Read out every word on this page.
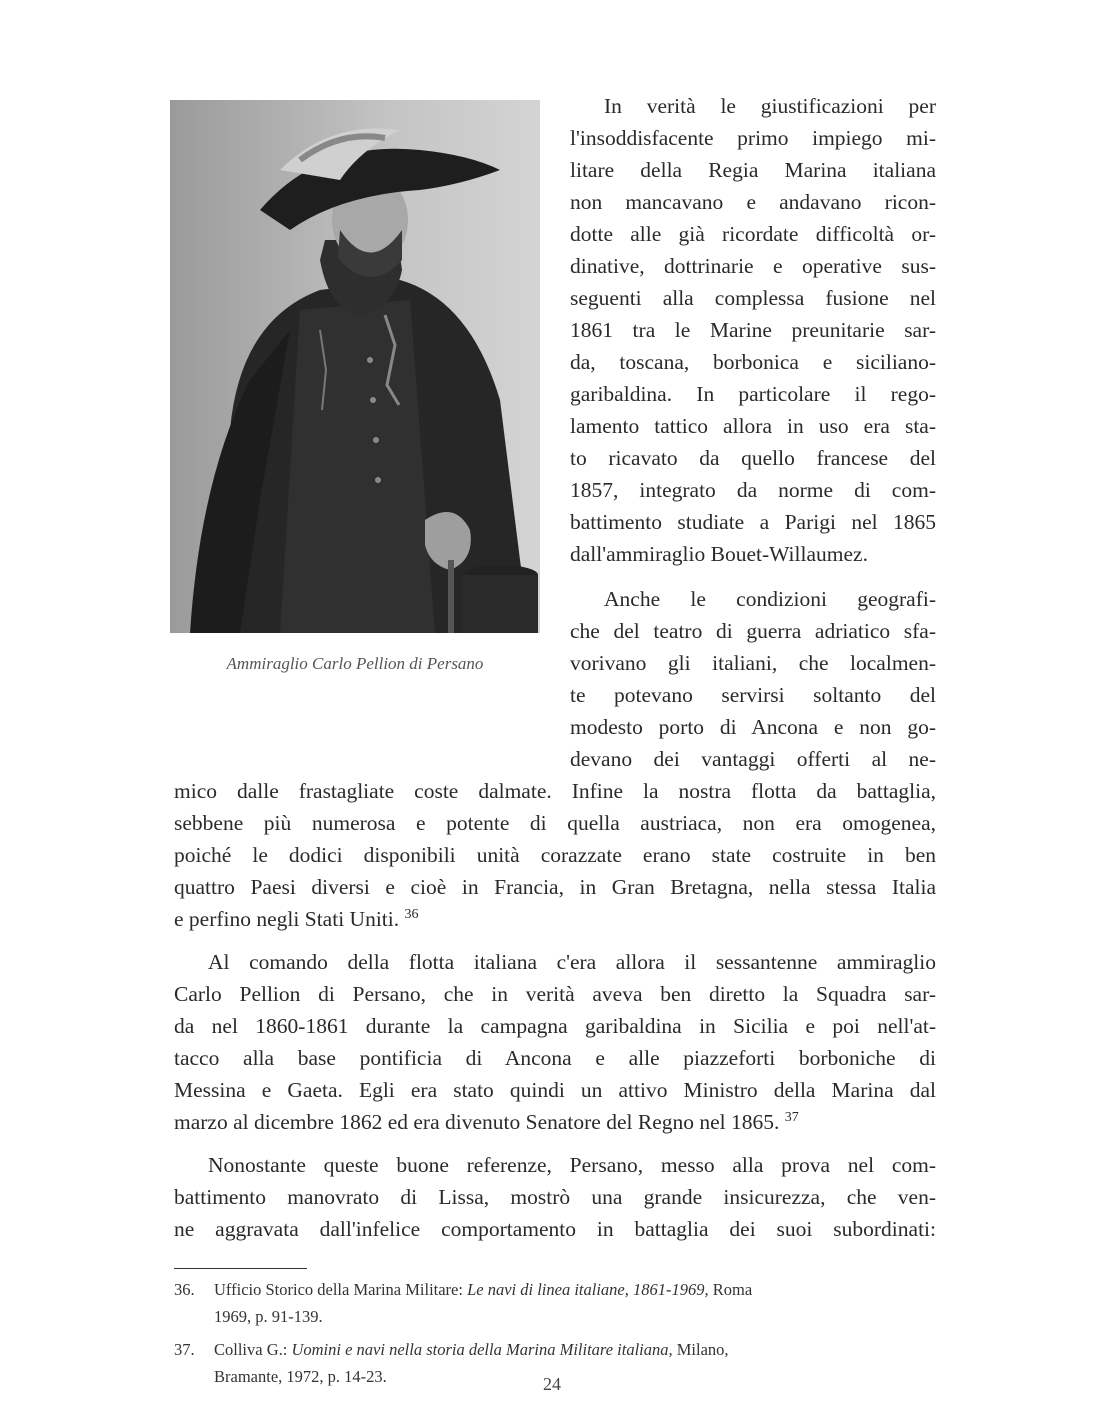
Ammiraglio Carlo Pellion di Persano
In verità le giustificazioni per
l'insoddisfacente primo impiego mi-
litare della Regia Marina italiana
non mancavano e andavano ricon-
dotte alle già ricordate difficoltà or-
dinative, dottrinarie e operative sus-
seguenti alla complessa fusione nel
1861 tra le Marine preunitarie sar-
da, toscana, borbonica e siciliano-
garibaldina. In particolare il rego-
lamento tattico allora in uso era sta-
to ricavato da quello francese del
1857, integrato da norme di com-
battimento studiate a Parigi nel 1865
dall'ammiraglio Bouet-Willaumez.
Anche le condizioni geografi-
che del teatro di guerra adriatico sfa-
vorivano gli italiani, che localmen-
te potevano servirsi soltanto del
modesto porto di Ancona e non go-
devano dei vantaggi offerti al ne-
mico dalle frastagliate coste dalmate. Infine la nostra flotta da battaglia,
sebbene più numerosa e potente di quella austriaca, non era omogenea,
poiché le dodici disponibili unità corazzate erano state costruite in ben
quattro Paesi diversi e cioè in Francia, in Gran Bretagna, nella stessa Italia
e perfino negli Stati Uniti. $^{36}$
Al comando della flotta italiana c'era allora il sessantenne ammiraglio
Carlo Pellion di Persano, che in verità aveva ben diretto la Squadra sar-
da nel 1860-1861 durante la campagna garibaldina in Sicilia e poi nell'at-
tacco alla base pontificia di Ancona e alle piazzeforti borboniche di
Messina e Gaeta. Egli era stato quindi un attivo Ministro della Marina dal
marzo al dicembre 1862 ed era divenuto Senatore del Regno nel 1865. $^{37}$
Nonostante queste buone referenze, Persano, messo alla prova nel com-
battimento manovrato di Lissa, mostrò una grande insicurezza, che ven-
ne aggravata dall'infelice comportamento in battaglia dei suoi subordinati:
36. Ufficio Storico della Marina Militare: Le navi di linea italiane, 1861-1969, Roma
1969, p. 91-139.
37. Colliva G.: Uomini e navi nella storia della Marina Militare italiana, Milano,
Bramante, 1972, p. 14-23.	24
